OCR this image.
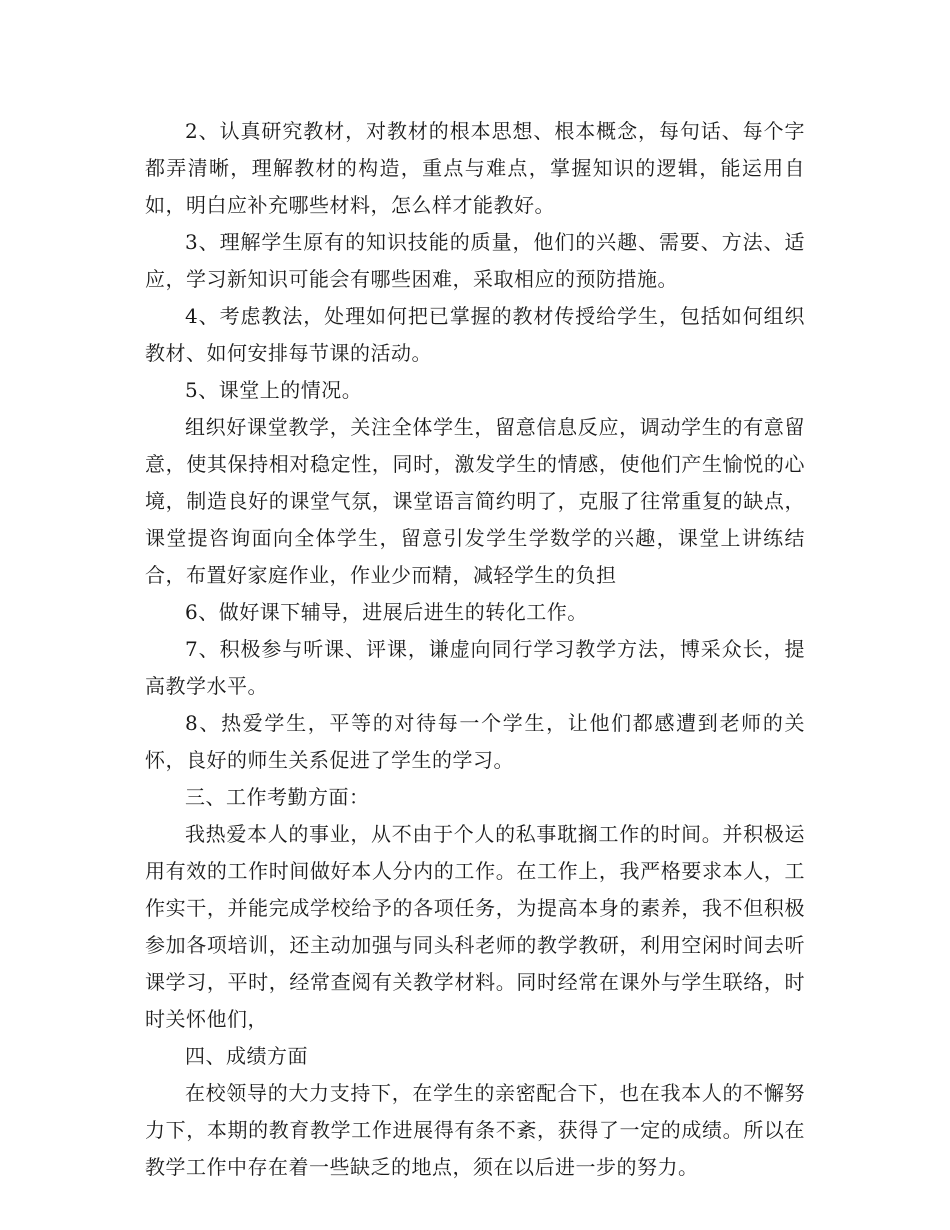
2、认真研究教材，对教材的根本思想、根本概念，每句话、每个字都弄清晰，理解教材的构造，重点与难点，掌握知识的逻辑，能运用自如，明白应补充哪些材料，怎么样才能教好。

3、理解学生原有的知识技能的质量，他们的兴趣、需要、方法、适应，学习新知识可能会有哪些困难，采取相应的预防措施。

4、考虑教法，处理如何把已掌握的教材传授给学生，包括如何组织教材、如何安排每节课的活动。

5、课堂上的情况。

组织好课堂教学，关注全体学生，留意信息反应，调动学生的有意留意，使其保持相对稳定性，同时，激发学生的情感，使他们产生愉悦的心境，制造良好的课堂气氛，课堂语言简约明了，克服了往常重复的缺点，课堂提咨询面向全体学生，留意引发学生学数学的兴趣，课堂上讲练结合，布置好家庭作业，作业少而精，减轻学生的负担

6、做好课下辅导，进展后进生的转化工作。

7、积极参与听课、评课，谦虚向同行学习教学方法，博采众长，提高教学水平。

8、热爱学生，平等的对待每一个学生，让他们都感遭到老师的关怀，良好的师生关系促进了学生的学习。

三、工作考勤方面：

我热爱本人的事业，从不由于个人的私事耽搁工作的时间。并积极运用有效的工作时间做好本人分内的工作。在工作上，我严格要求本人，工作实干，并能完成学校给予的各项任务，为提高本身的素养，我不但积极参加各项培训，还主动加强与同头科老师的教学教研，利用空闲时间去听课学习，平时，经常查阅有关教学材料。同时经常在课外与学生联络，时时关怀他们，

四、成绩方面

在校领导的大力支持下，在学生的亲密配合下，也在我本人的不懈努力下，本期的教育教学工作进展得有条不紊，获得了一定的成绩。所以在教学工作中存在着一些缺乏的地点，须在以后进一步的努力。
